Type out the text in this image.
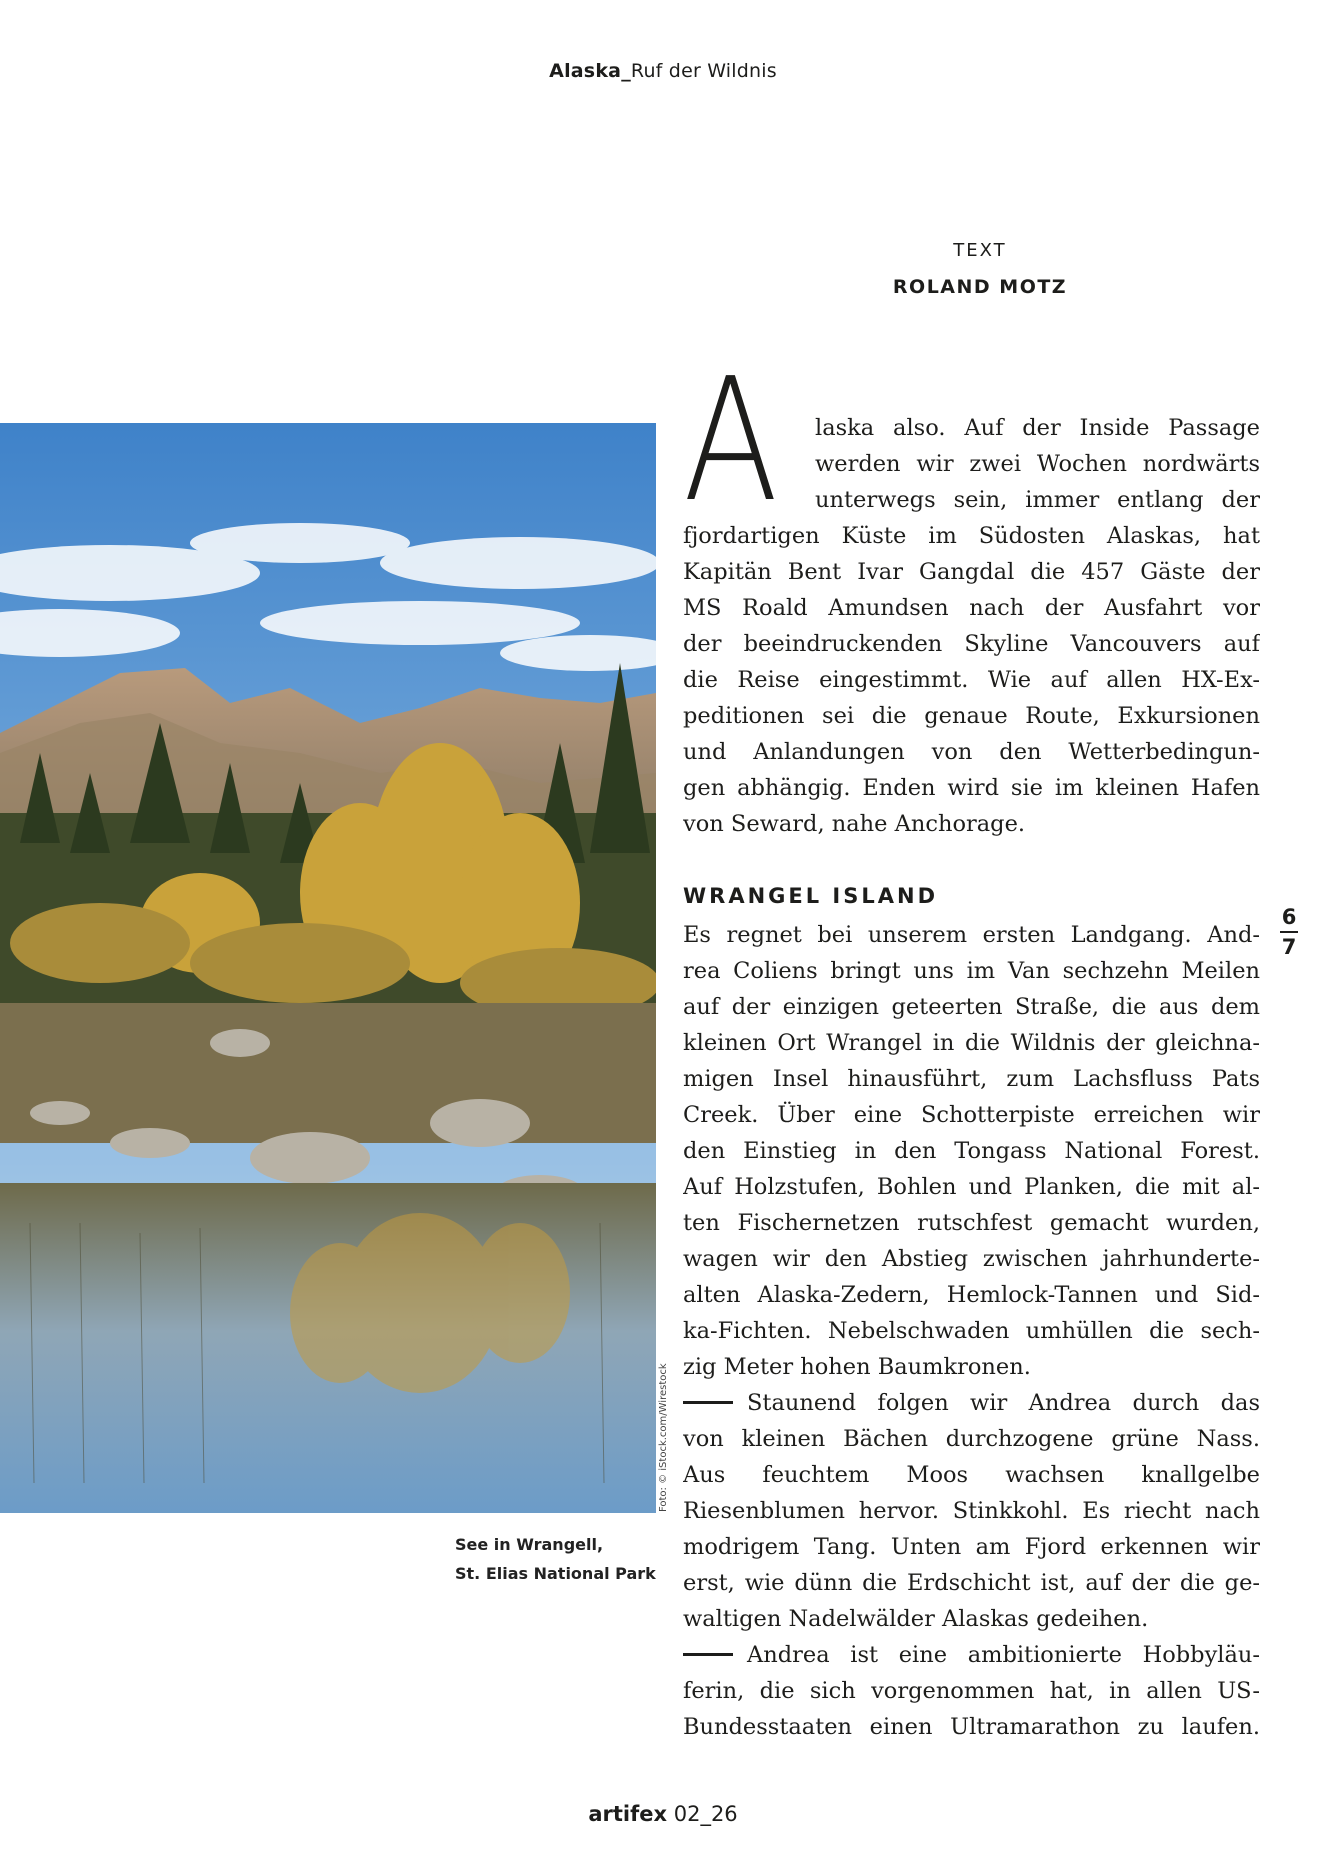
Alaska_Ruf der Wildnis
TEXT
ROLAND MOTZ
Foto: © iStock.com/Wirestock
See in Wrangell,
St. Elias National Park
A	laska also. Auf der Inside Passage
werden wir zwei Wochen nordwärts
unterwegs sein, immer entlang der
fjordartigen Küste im Südosten Alaskas, hat
Kapitän Bent Ivar Gangdal die 457 Gäste der
MS Roald Amundsen nach der Ausfahrt vor
der beeindruckenden Skyline Vancouvers auf
die Reise eingestimmt. Wie auf allen HX-Ex-
peditionen sei die genaue Route, Exkursionen
und Anlandungen von den Wetterbedingun-
gen abhängig. Enden wird sie im kleinen Hafen
von Seward, nahe Anchorage.
WRANGEL ISLAND
Es regnet bei unserem ersten Landgang. And-
rea Coliens bringt uns im Van sechzehn Meilen
auf der einzigen geteerten Straße, die aus dem
kleinen Ort Wrangel in die Wildnis der gleichna-
migen Insel hinausführt, zum Lachsfluss Pats
Creek. Über eine Schotterpiste erreichen wir
den Einstieg in den Tongass National Forest.
Auf Holzstufen, Bohlen und Planken, die mit al-
ten Fischernetzen rutschfest gemacht wurden,
wagen wir den Abstieg zwischen jahrhunderte-
alten Alaska-Zedern, Hemlock-Tannen und Sid-
ka-Fichten. Nebelschwaden umhüllen die sech-
zig Meter hohen Baumkronen.
Staunend folgen wir Andrea durch das
von kleinen Bächen durchzogene grüne Nass.
Aus feuchtem Moos wachsen knallgelbe
Riesenblumen hervor. Stinkkohl. Es riecht nach
modrigem Tang. Unten am Fjord erkennen wir
erst, wie dünn die Erdschicht ist, auf der die ge-
waltigen Nadelwälder Alaskas gedeihen.
Andrea ist eine ambitionierte Hobbyläu-
ferin, die sich vorgenommen hat, in allen US-
Bundesstaaten einen Ultramarathon zu laufen.
6
7
artifex 02_26
